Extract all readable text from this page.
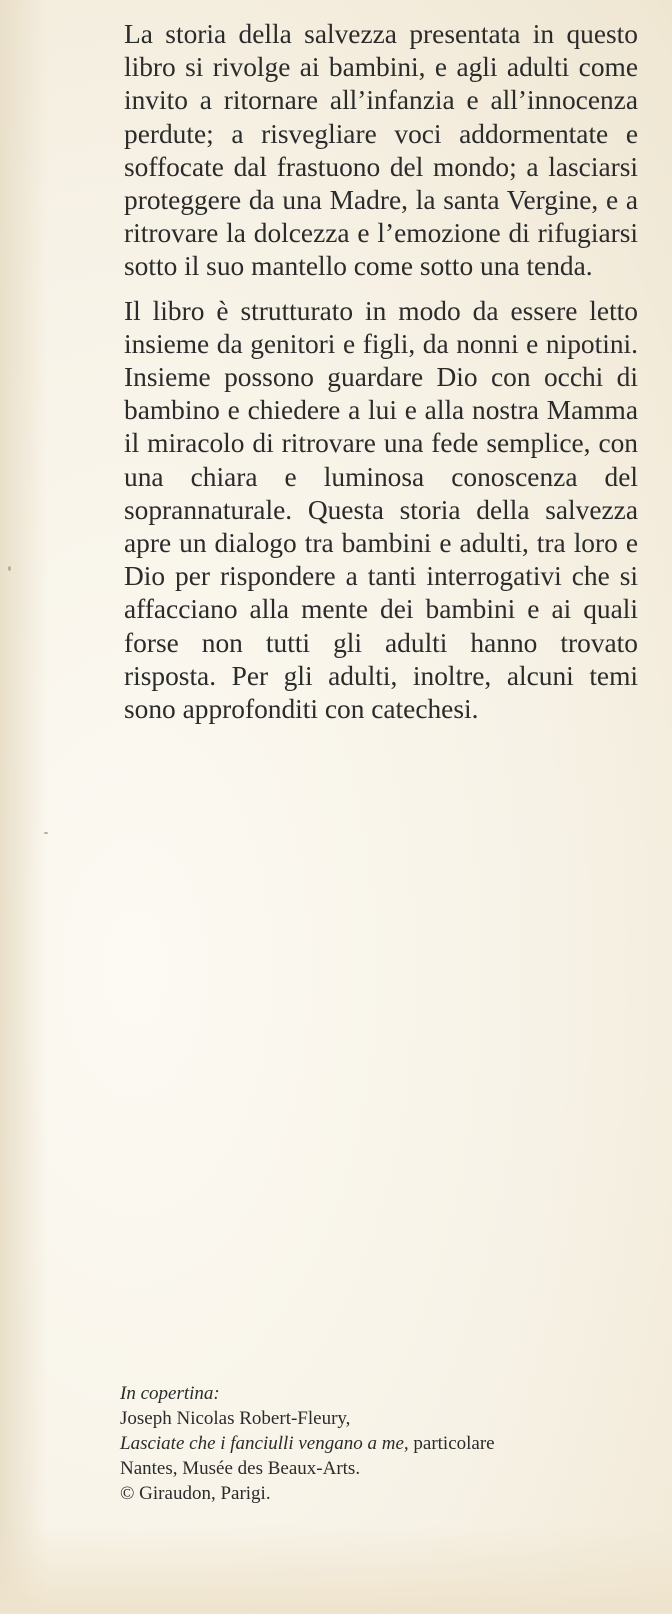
La storia della salvezza presentata in questo libro si rivolge ai bambini, e agli adulti come invito a ritornare all’infanzia e all’innocenza perdute; a risvegliare voci addormentate e soffocate dal frastuono del mondo; a lasciarsi proteggere da una Madre, la santa Vergine, e a ritrovare la dolcezza e l’emozione di rifugiarsi sotto il suo mantello come sotto una tenda.

Il libro è strutturato in modo da essere letto insieme da genitori e figli, da nonni e nipotini. Insieme possono guardare Dio con occhi di bambino e chiedere a lui e alla nostra Mamma il miracolo di ritrovare una fede semplice, con una chiara e luminosa conoscenza del soprannaturale. Questa storia della salvezza apre un dialogo tra bambini e adulti, tra loro e Dio per rispondere a tanti interrogativi che si affacciano alla mente dei bambini e ai quali forse non tutti gli adulti hanno trovato risposta. Per gli adulti, inoltre, alcuni temi sono approfonditi con catechesi.

In copertina:
Joseph Nicolas Robert-Fleury,
Lasciate che i fanciulli vengano a me, particolare
Nantes, Musée des Beaux-Arts.
© Giraudon, Parigi.
